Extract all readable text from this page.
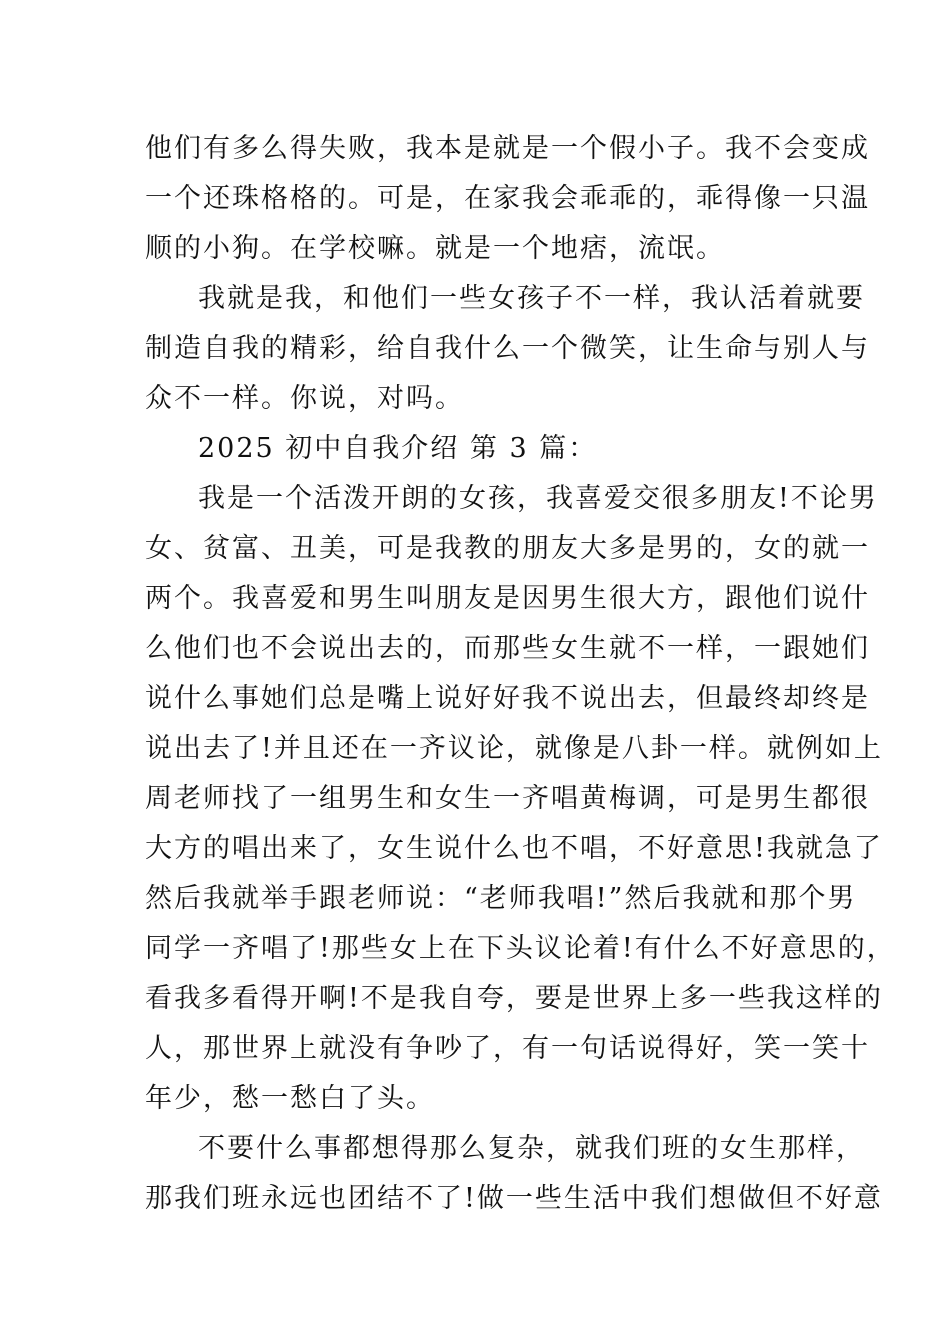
他们有多么得失败，我本是就是一个假小子。我不会变成
一个还珠格格的。可是，在家我会乖乖的，乖得像一只温
顺的小狗。在学校嘛。就是一个地痞，流氓。
我就是我，和他们一些女孩子不一样，我认活着就要
制造自我的精彩，给自我什么一个微笑，让生命与别人与
众不一样。你说，对吗。
2025 初中自我介绍 第 3 篇：
我是一个活泼开朗的女孩，我喜爱交很多朋友!不论男
女、贫富、丑美，可是我教的朋友大多是男的，女的就一
两个。我喜爱和男生叫朋友是因男生很大方，跟他们说什
么他们也不会说出去的，而那些女生就不一样，一跟她们
说什么事她们总是嘴上说好好我不说出去，但最终却终是
说出去了!并且还在一齐议论，就像是八卦一样。就例如上
周老师找了一组男生和女生一齐唱黄梅调，可是男生都很
大方的唱出来了，女生说什么也不唱，不好意思!我就急了
然后我就举手跟老师说：“老师我唱!”然后我就和那个男
同学一齐唱了!那些女上在下头议论着!有什么不好意思的，
看我多看得开啊!不是我自夸，要是世界上多一些我这样的
人，那世界上就没有争吵了，有一句话说得好，笑一笑十
年少，愁一愁白了头。
不要什么事都想得那么复杂，就我们班的女生那样，
那我们班永远也团结不了!做一些生活中我们想做但不好意
